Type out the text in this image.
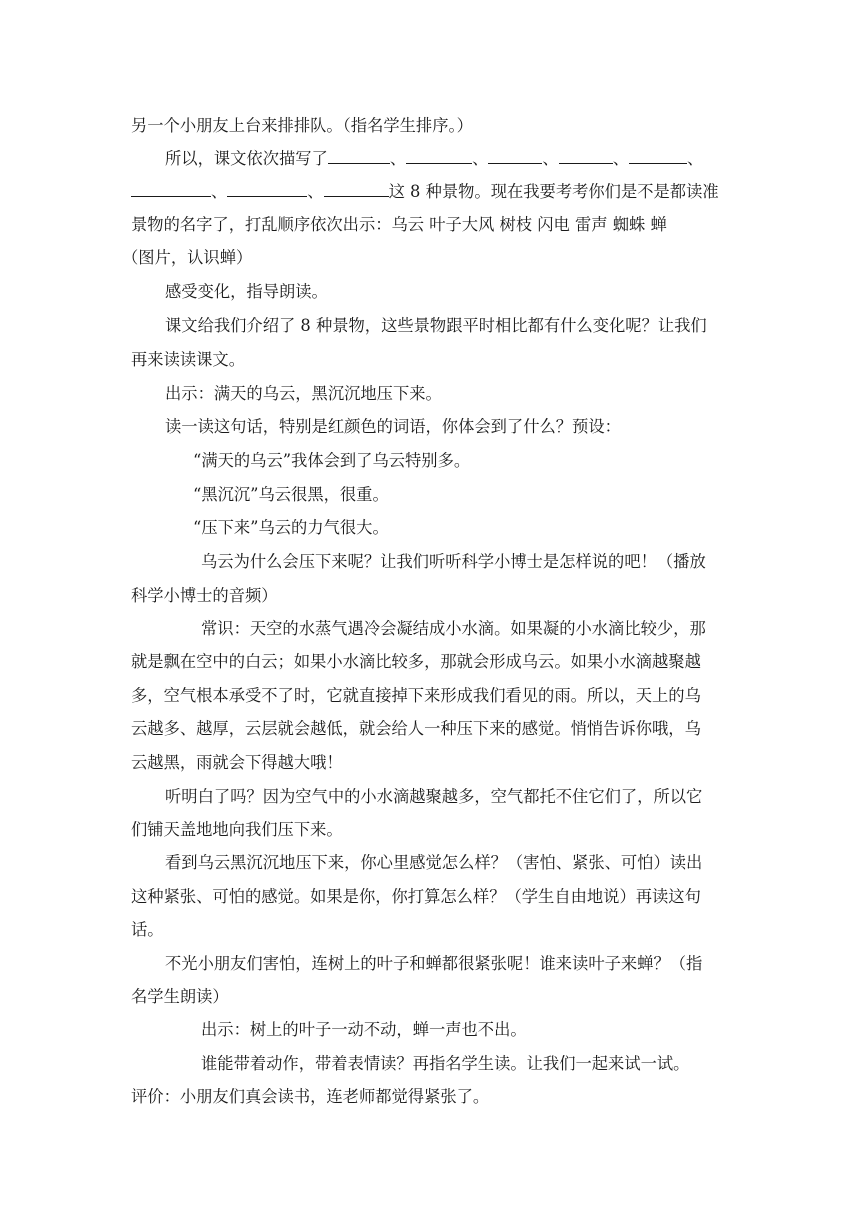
另一个小朋友上台来排排队。（指名学生排序。）
所以，课文依次描写了	、	、	、	、	、
、	、	这 8 种景物。现在我要考考你们是不是都读准
景物的名字了，打乱顺序依次出示：乌云 叶子大风 树枝 闪电 雷声 蜘蛛 蝉
（图片，认识蝉）
感受变化，指导朗读。
课文给我们介绍了 8 种景物，这些景物跟平时相比都有什么变化呢？让我们
再来读读课文。
出示：满天的乌云，黑沉沉地压下来。
读一读这句话，特别是红颜色的词语，你体会到了什么？预设：
“满天的乌云”我体会到了乌云特别多。
“黑沉沉”乌云很黑，很重。
“压下来”乌云的力气很大。
乌云为什么会压下来呢？让我们听听科学小博士是怎样说的吧！（播放
科学小博士的音频）
常识：天空的水蒸气遇冷会凝结成小水滴。如果凝的小水滴比较少，那
就是飘在空中的白云；如果小水滴比较多，那就会形成乌云。如果小水滴越聚越
多，空气根本承受不了时，它就直接掉下来形成我们看见的雨。所以，天上的乌
云越多、越厚，云层就会越低，就会给人一种压下来的感觉。悄悄告诉你哦，乌
云越黑，雨就会下得越大哦！
听明白了吗？因为空气中的小水滴越聚越多，空气都托不住它们了，所以它
们铺天盖地地向我们压下来。
看到乌云黑沉沉地压下来，你心里感觉怎么样？（害怕、紧张、可怕）读出
这种紧张、可怕的感觉。如果是你，你打算怎么样？（学生自由地说）再读这句
话。
不光小朋友们害怕，连树上的叶子和蝉都很紧张呢！谁来读叶子来蝉？（指
名学生朗读）
出示：树上的叶子一动不动，蝉一声也不出。
谁能带着动作，带着表情读？再指名学生读。让我们一起来试一试。
评价：小朋友们真会读书，连老师都觉得紧张了。
